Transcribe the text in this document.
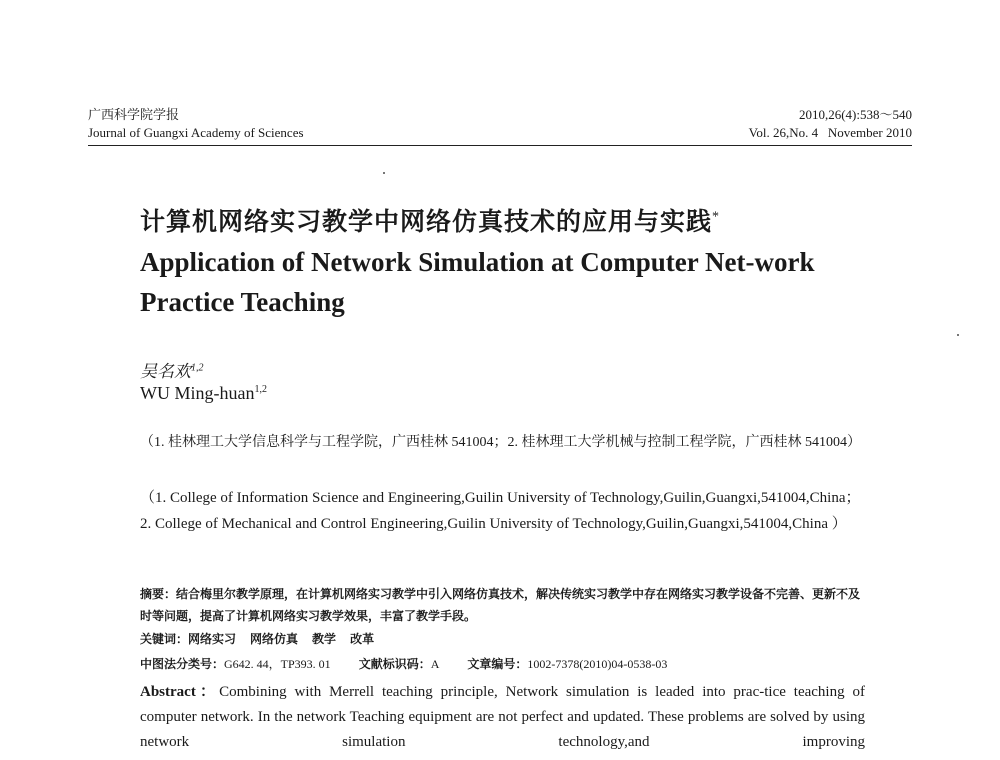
广西科学院学报
Journal of Guangxi Academy of Sciences
2010,26(4):538～540
Vol. 26,No. 4   November 2010
计算机网络实习教学中网络仿真技术的应用与实践*
Application of Network Simulation at Computer Net-work Practice Teaching
吴名欢$^{1,2}$
WU Ming-huan$^{1,2}$
（1. 桂林理工大学信息科学与工程学院，广西桂林 541004；2. 桂林理工大学机械与控制工程学院，广西桂林 541004）
（1. College of Information Science and Engineering,Guilin University of Technology,Guilin,Guangxi,541004,China；2. College of Mechanical and Control Engineering,Guilin University of Technology,Guilin,Guangxi,541004,China ）
摘要：结合梅里尔教学原理，在计算机网络实习教学中引入网络仿真技术，解决传统实习教学中存在网络实习教学设备不完善、更新不及时等问题，提高了计算机网络实习教学效果，丰富了教学手段。
关键词：网络实习 网络仿真 教学 改革
中图法分类号：G642. 44，TP393. 01 文献标识码：A 文章编号：1002-7378(2010)04-0538-03
Abstract：Combining with Merrell teaching principle, Network simulation is leaded into prac-tice teaching of computer network. In the network Teaching equipment are not perfect and updated. These problems are solved by using network simulation technology,and improving
